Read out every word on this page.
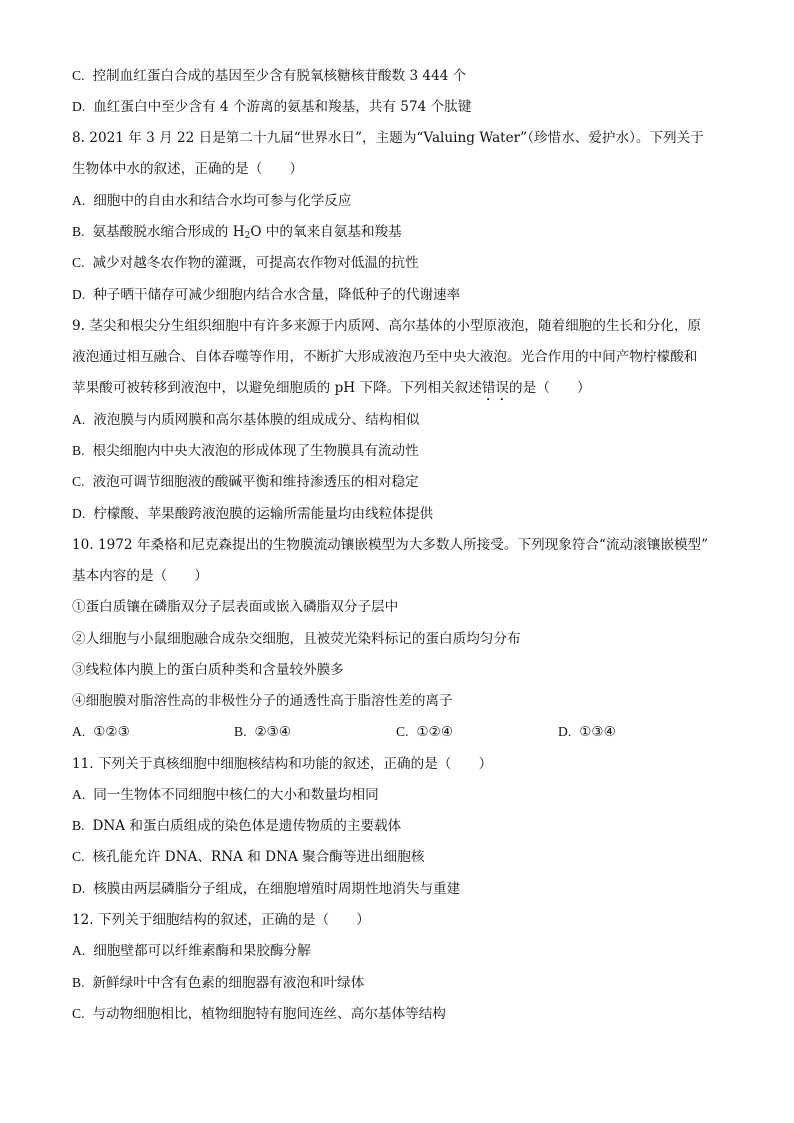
C. 控制血红蛋白合成的基因至少含有脱氧核糖核苷酸数 3 444 个
D. 血红蛋白中至少含有 4 个游离的氨基和羧基，共有 574 个肽键
8. 2021 年 3 月 22 日是第二十九届“世界水日”，主题为“Valuing Water”（珍惜水、爱护水）。下列关于
生物体中水的叙述，正确的是（　　）
A. 细胞中的自由水和结合水均可参与化学反应
B. 氨基酸脱水缩合形成的 $H_2O$ 中的氧来自氨基和羧基
C. 减少对越冬农作物的灌溉，可提高农作物对低温的抗性
D. 种子晒干储存可减少细胞内结合水含量，降低种子的代谢速率
9. 茎尖和根尖分生组织细胞中有许多来源于内质网、高尔基体的小型原液泡，随着细胞的生长和分化，原
液泡通过相互融合、自体吞噬等作用，不断扩大形成液泡乃至中央大液泡。光合作用的中间产物柠檬酸和
苹果酸可被转移到液泡中，以避免细胞质的 pH 下降。下列相关叙述错误的是（　　）
A. 液泡膜与内质网膜和高尔基体膜的组成成分、结构相似
B. 根尖细胞内中央大液泡的形成体现了生物膜具有流动性
C. 液泡可调节细胞液的酸碱平衡和维持渗透压的相对稳定
D. 柠檬酸、苹果酸跨液泡膜的运输所需能量均由线粒体提供
10. 1972 年桑格和尼克森提出的生物膜流动镶嵌模型为大多数人所接受。下列现象符合“流动滚镶嵌模型”
基本内容的是（　　）
①蛋白质镶在磷脂双分子层表面或嵌入磷脂双分子层中
②人细胞与小鼠细胞融合成杂交细胞，且被荧光染料标记的蛋白质均匀分布
③线粒体内膜上的蛋白质种类和含量较外膜多
④细胞膜对脂溶性高的非极性分子的通透性高于脂溶性差的离子
A. ①②③	B. ②③④	C. ①②④	D. ①③④
11. 下列关于真核细胞中细胞核结构和功能的叙述，正确的是（　　）
A. 同一生物体不同细胞中核仁的大小和数量均相同
B. DNA 和蛋白质组成的染色体是遗传物质的主要载体
C. 核孔能允许 DNA、RNA 和 DNA 聚合酶等进出细胞核
D. 核膜由两层磷脂分子组成，在细胞增殖时周期性地消失与重建
12. 下列关于细胞结构的叙述，正确的是（　　）
A. 细胞壁都可以纤维素酶和果胶酶分解
B. 新鲜绿叶中含有色素的细胞器有液泡和叶绿体
C. 与动物细胞相比，植物细胞特有胞间连丝、高尔基体等结构
